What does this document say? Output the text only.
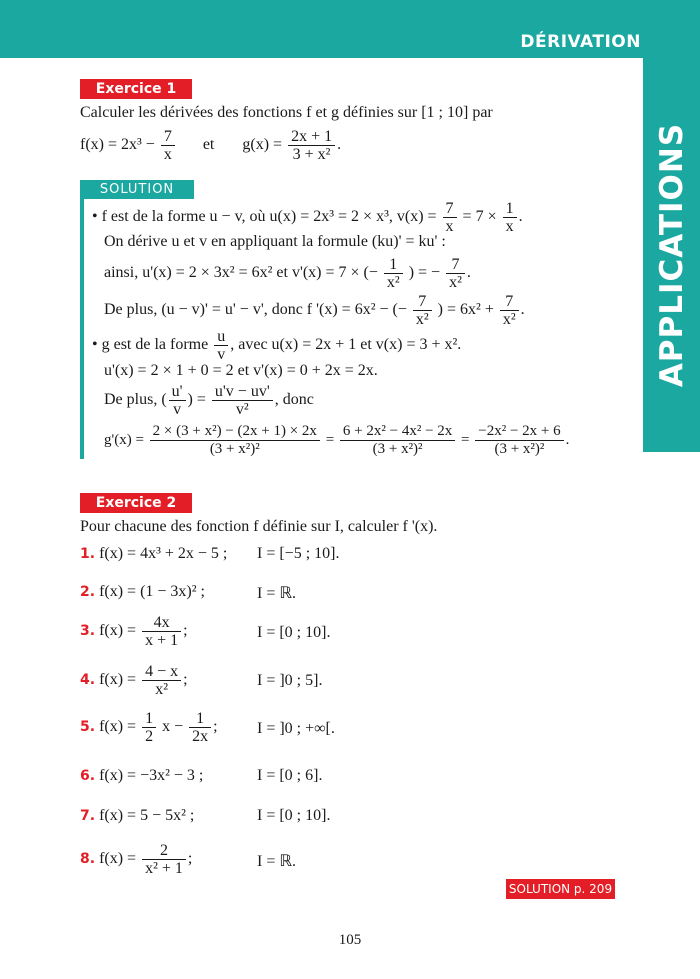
DÉRIVATION
APPLICATIONS
Exercice 1
Calculer les dérivées des fonctions f et g définies sur [1 ; 10] par
$f(x) = 2x^3 - \frac{7}{x}$ et $g(x) = \frac{2x + 1}{\text{3 + x²}}$ .
SOLUTION
• f est de la forme u − v, où u(x) = 2x³ = 2 × x³, $v(x) = \frac{7}{x} = 7 \times \frac{1}{x}$ .
On dérive u et v en appliquant la formule (ku)' = ku' :
ainsi, u'(x) = 2 × 3x² = 6x² et v'(x) = 7 × (− $\frac{1}{\text{x²}}$ ) = − $\frac{7}{\text{x²}}$ .
De plus, (u − v)' = u' − v', donc f '(x) = 6x² − (− $\frac{7}{\text{x²}}$ ) = $6x^2 + \frac{7}{\text{x²}}$ .
• g est de la forme $\frac{u}{v}$ , avec u(x) = 2x + 1 et v(x) = 3 + x².
u'(x) = 2 × 1 + 0 = 2 et v'(x) = 0 + 2x = 2x.
De plus, ( $\frac{u'}{v}$ ) = $\frac{u'v - uv'}{\text{v²}}$ , donc
$g'(x) = \frac{\text{2 × (3 + x²) − (2x + 1) × 2x}}{\text{(3 + x²)²}} = \frac{\text{6 + 2x² − 4x² − 2x}}{\text{(3 + x²)²}} = \frac{\text{−2x² − 2x + 6}}{\text{(3 + x²)²}}$ .
Exercice 2
Pour chacune des fonction f définie sur I, calculer f '(x).
1. f(x) = 4x³ + 2x − 5 ; I = [−5 ; 10].
2. f(x) = (1 − 3x)² ;	I = ℝ.
3. $f(x) = \frac{4x}{x + 1}$ ;	I = [0 ; 10].
4. $f(x) = \frac{4 - x}{\text{x²}}$ ;	I = ]0 ; 5].
5. $f(x) = \frac{1}{2}$ $x - \frac{1}{2x}$ ; I = ]0 ; +∞[.
6. f(x) = −3x² − 3 ;	I = [0 ; 6].
7. f(x) = 5 − 5x² ;	I = [0 ; 10].
8. $f(x) = \frac{2}{\text{x² + 1}}$ ;	I = ℝ.
SOLUTION p. 209
105
